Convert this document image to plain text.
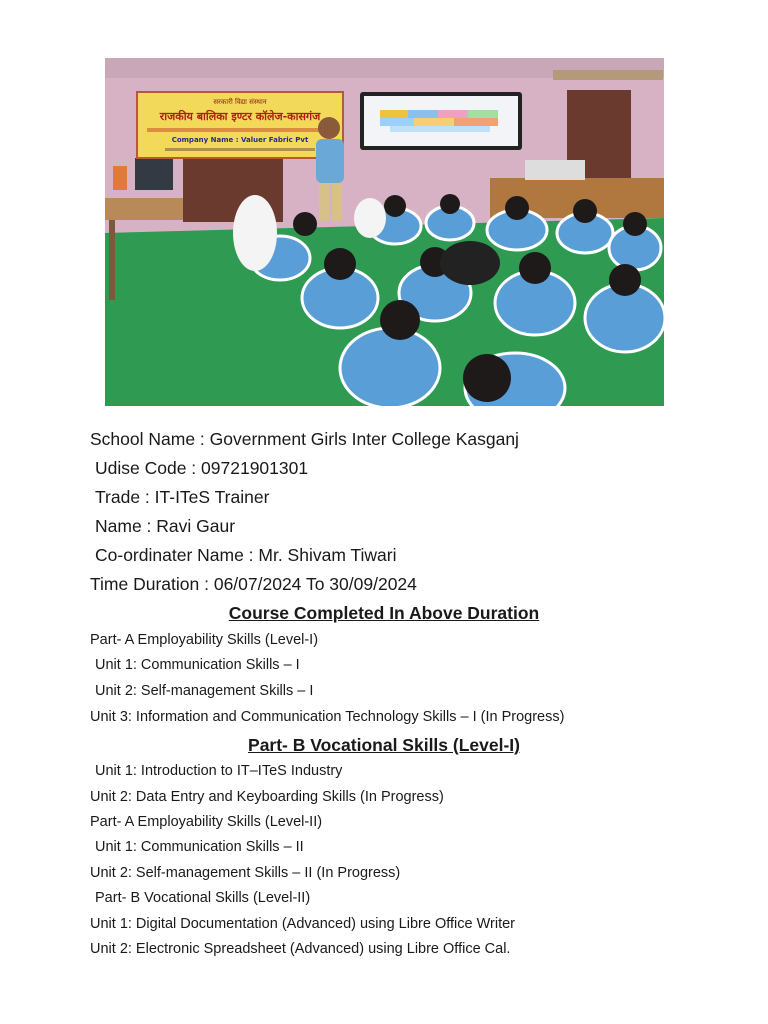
सरकारी विद्या संस्थान
राजकीय बालिका इण्टर कॉलेज-कासगंज
Company Name : Valuer Fabric Pvt
School Name : Government Girls Inter College Kasganj
Udise Code : 09721901301
Trade : IT-ITeS Trainer
Name : Ravi Gaur
Co-ordinater Name : Mr. Shivam Tiwari
Time Duration : 06/07/2024 To 30/09/2024
Course Completed In Above Duration
Part- A Employability Skills (Level-I)
Unit 1: Communication Skills – I
Unit 2: Self-management Skills – I
Unit 3: Information and Communication Technology Skills – I (In Progress)
Part- B Vocational Skills (Level-I)
Unit 1: Introduction to IT–ITeS Industry
Unit 2: Data Entry and Keyboarding Skills (In Progress)
Part- A Employability Skills (Level-II)
Unit 1: Communication Skills – II
Unit 2: Self-management Skills – II (In Progress)
Part- B Vocational Skills (Level-II)
Unit 1: Digital Documentation (Advanced) using Libre Office Writer
Unit 2: Electronic Spreadsheet (Advanced) using Libre Office Cal.
